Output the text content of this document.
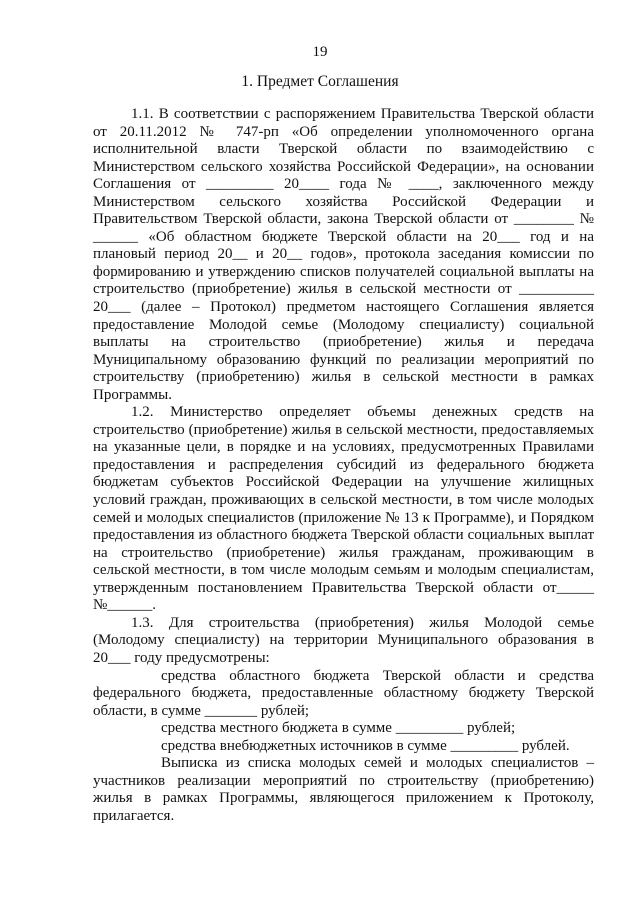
19
1. Предмет Соглашения

1.1. В соответствии с распоряжением Правительства Тверской области от 20.11.2012 № 747-рп «Об определении уполномоченного органа исполнительной власти Тверской области по взаимодействию с Министерством сельского хозяйства Российской Федерации», на основании Соглашения от _________ 20____ года № ____, заключенного между Министерством сельского хозяйства Российской Федерации и Правительством Тверской области, закона Тверской области от ________ № ______ «Об областном бюджете Тверской области на 20___ год и на плановый период 20__ и 20__ годов», протокола заседания комиссии по формированию и утверждению списков получателей социальной выплаты на строительство (приобретение) жилья в сельской местности от __________ 20___ (далее – Протокол) предметом настоящего Соглашения является предоставление Молодой семье (Молодому специалисту) социальной выплаты на строительство (приобретение) жилья и передача Муниципальному образованию функций по реализации мероприятий по строительству (приобретению) жилья в сельской местности в рамках Программы.

1.2. Министерство определяет объемы денежных средств на строительство (приобретение) жилья в сельской местности, предоставляемых на указанные цели, в порядке и на условиях, предусмотренных Правилами предоставления и распределения субсидий из федерального бюджета бюджетам субъектов Российской Федерации на улучшение жилищных условий граждан, проживающих в сельской местности, в том числе молодых семей и молодых специалистов (приложение № 13 к Программе), и Порядком предоставления из областного бюджета Тверской области социальных выплат на строительство (приобретение) жилья гражданам, проживающим в сельской местности, в том числе молодым семьям и молодым специалистам, утвержденным постановлением Правительства Тверской области от_____ №______.

1.3. Для строительства (приобретения) жилья Молодой семье (Молодому специалисту) на территории Муниципального образования в 20___ году предусмотрены:

средства областного бюджета Тверской области и средства федерального бюджета, предоставленные областному бюджету Тверской области, в сумме _______ рублей;

средства местного бюджета в сумме _________ рублей;

средства внебюджетных источников в сумме _________ рублей.

Выписка из списка молодых семей и молодых специалистов – участников реализации мероприятий по строительству (приобретению) жилья в рамках Программы, являющегося приложением к Протоколу, прилагается.
